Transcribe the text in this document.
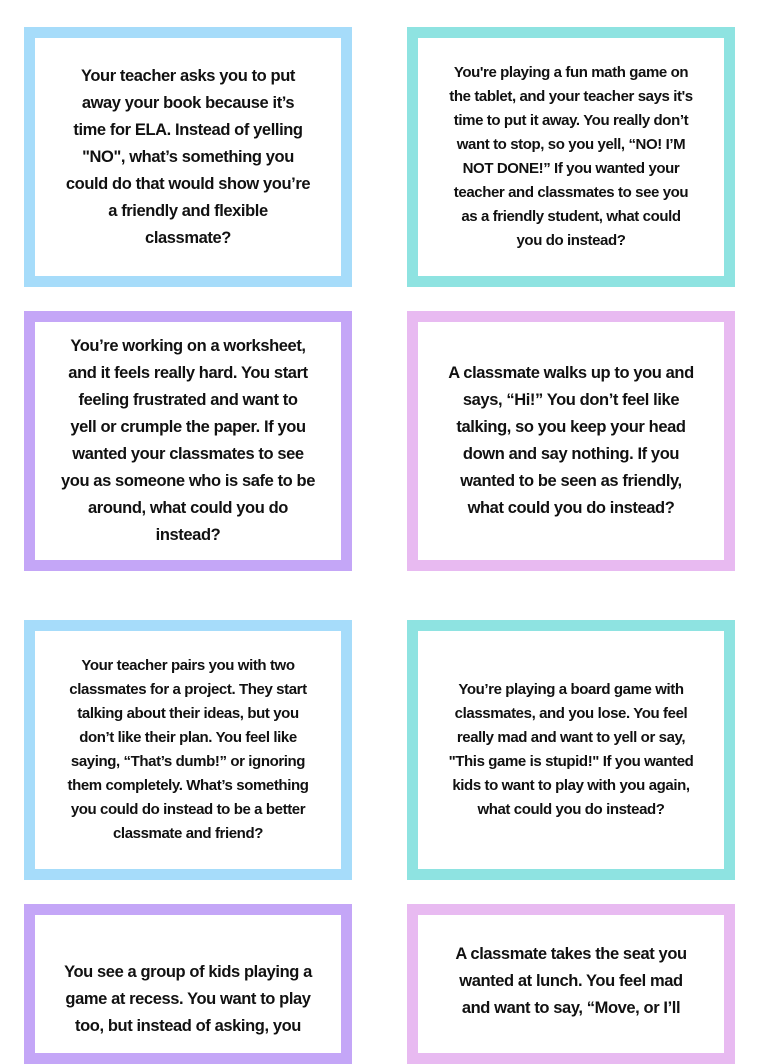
Your teacher asks you to put
away your book because it’s
time for ELA. Instead of yelling
"NO", what’s something you
could do that would show you’re
a friendly and flexible
classmate?
You're playing a fun math game on
the tablet, and your teacher says it's
time to put it away. You really don’t
want to stop, so you yell, “NO! I’M
NOT DONE!” If you wanted your
teacher and classmates to see you
as a friendly student, what could
you do instead?
You’re working on a worksheet,
and it feels really hard. You start
feeling frustrated and want to
yell or crumple the paper. If you
wanted your classmates to see
you as someone who is safe to be
around, what could you do
instead?
A classmate walks up to you and
says, “Hi!” You don’t feel like
talking, so you keep your head
down and say nothing. If you
wanted to be seen as friendly,
what could you do instead?
Your teacher pairs you with two
classmates for a project. They start
talking about their ideas, but you
don’t like their plan. You feel like
saying, “That’s dumb!” or ignoring
them completely. What’s something
you could do instead to be a better
classmate and friend?
You’re playing a board game with
classmates, and you lose. You feel
really mad and want to yell or say,
"This game is stupid!" If you wanted
kids to want to play with you again,
what could you do instead?
You see a group of kids playing a
game at recess. You want to play
too, but instead of asking, you
A classmate takes the seat you
wanted at lunch. You feel mad
and want to say, “Move, or I’ll
